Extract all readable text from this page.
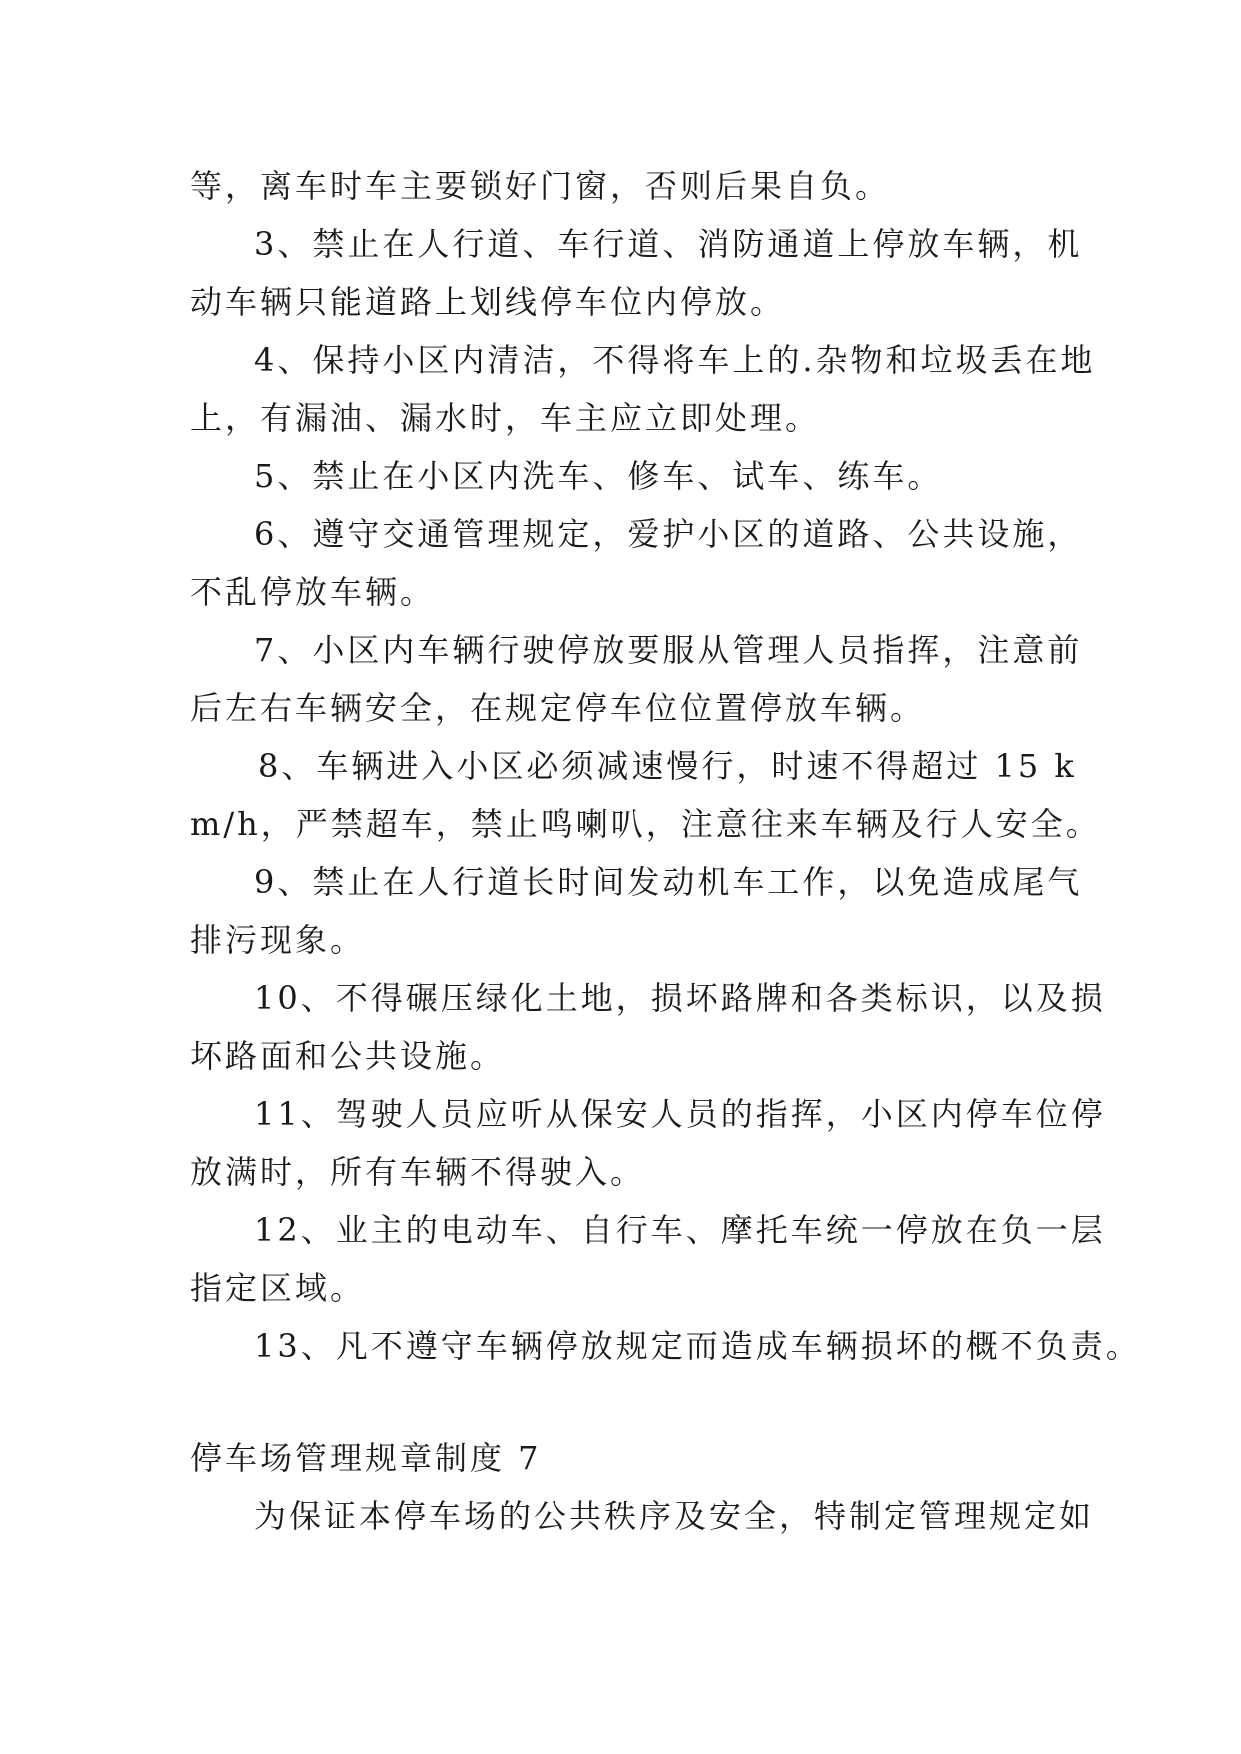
等，离车时车主要锁好门窗，否则后果自负。
3、禁止在人行道、车行道、消防通道上停放车辆，机
动车辆只能道路上划线停车位内停放。
4、保持小区内清洁，不得将车上的.杂物和垃圾丢在地
上，有漏油、漏水时，车主应立即处理。
5、禁止在小区内洗车、修车、试车、练车。
6、遵守交通管理规定，爱护小区的道路、公共设施，
不乱停放车辆。
7、小区内车辆行驶停放要服从管理人员指挥，注意前
后左右车辆安全，在规定停车位位置停放车辆。
8、车辆进入小区必须减速慢行，时速不得超过 15 k
m/h，严禁超车，禁止鸣喇叭，注意往来车辆及行人安全。
9、禁止在人行道长时间发动机车工作，以免造成尾气
排污现象。
10、不得碾压绿化土地，损坏路牌和各类标识，以及损
坏路面和公共设施。
11、驾驶人员应听从保安人员的指挥，小区内停车位停
放满时，所有车辆不得驶入。
12、业主的电动车、自行车、摩托车统一停放在负一层
指定区域。
13、凡不遵守车辆停放规定而造成车辆损坏的概不负责。
停车场管理规章制度 7
为保证本停车场的公共秩序及安全，特制定管理规定如
